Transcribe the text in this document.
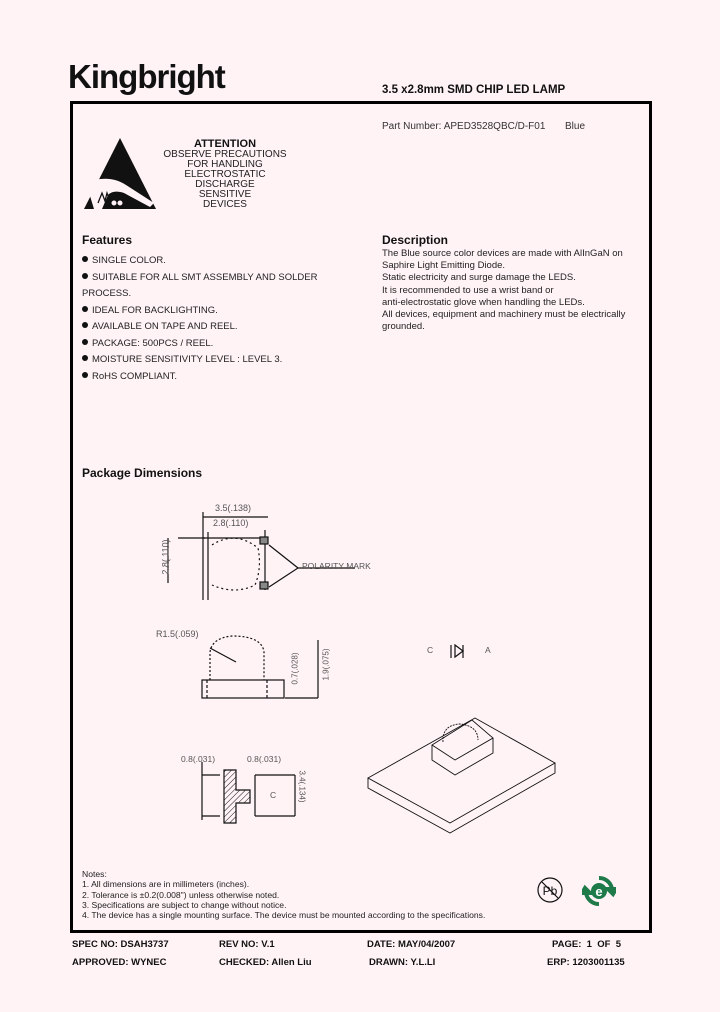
Kingbright	3.5 x2.8mm SMD CHIP LED LAMP
Part Number: APED3528QBC/D-F01 Blue
ATTENTION
OBSERVE PRECAUTIONS
FOR HANDLING
ELECTROSTATIC
DISCHARGE
SENSITIVE
DEVICES
Features
SINGLE COLOR.
SUITABLE FOR ALL SMT ASSEMBLY AND SOLDER
PROCESS.
IDEAL FOR BACKLIGHTING.
AVAILABLE ON TAPE AND REEL.
PACKAGE: 500PCS / REEL.
MOISTURE SENSITIVITY LEVEL : LEVEL 3.
RoHS COMPLIANT.
Description

The Blue source color devices are made with AlInGaN on

Saphire Light Emitting Diode.

Static electricity and surge damage the LEDS.

It is recommended to use a wrist band or

anti-electrostatic glove when handling the LEDs.

All devices, equipment and machinery must be electrically

grounded.

Package Dimensions
3.5(.138)
2.8(.110)
2.8(.110)	POLARITY MARK
R1.5(.059)
0.7(.028)	1.9(.075)
0.8(.031)	0.8(.031)
C	3.4(.134)
C	A
Notes:
1. All dimensions are in millimeters (inches).
2. Tolerance is ±0.2(0.008") unless otherwise noted.
3. Specifications are subject to change without notice.
4. The device has a single mounting surface. The device must be mounted according to the specifications.
Pb	e
SPEC NO: DSAH3737	REV NO: V.1	DATE: MAY/04/2007	PAGE:  1  OF  5
APPROVED: WYNEC	CHECKED: Allen Liu	DRAWN: Y.L.LI	ERP: 1203001135
